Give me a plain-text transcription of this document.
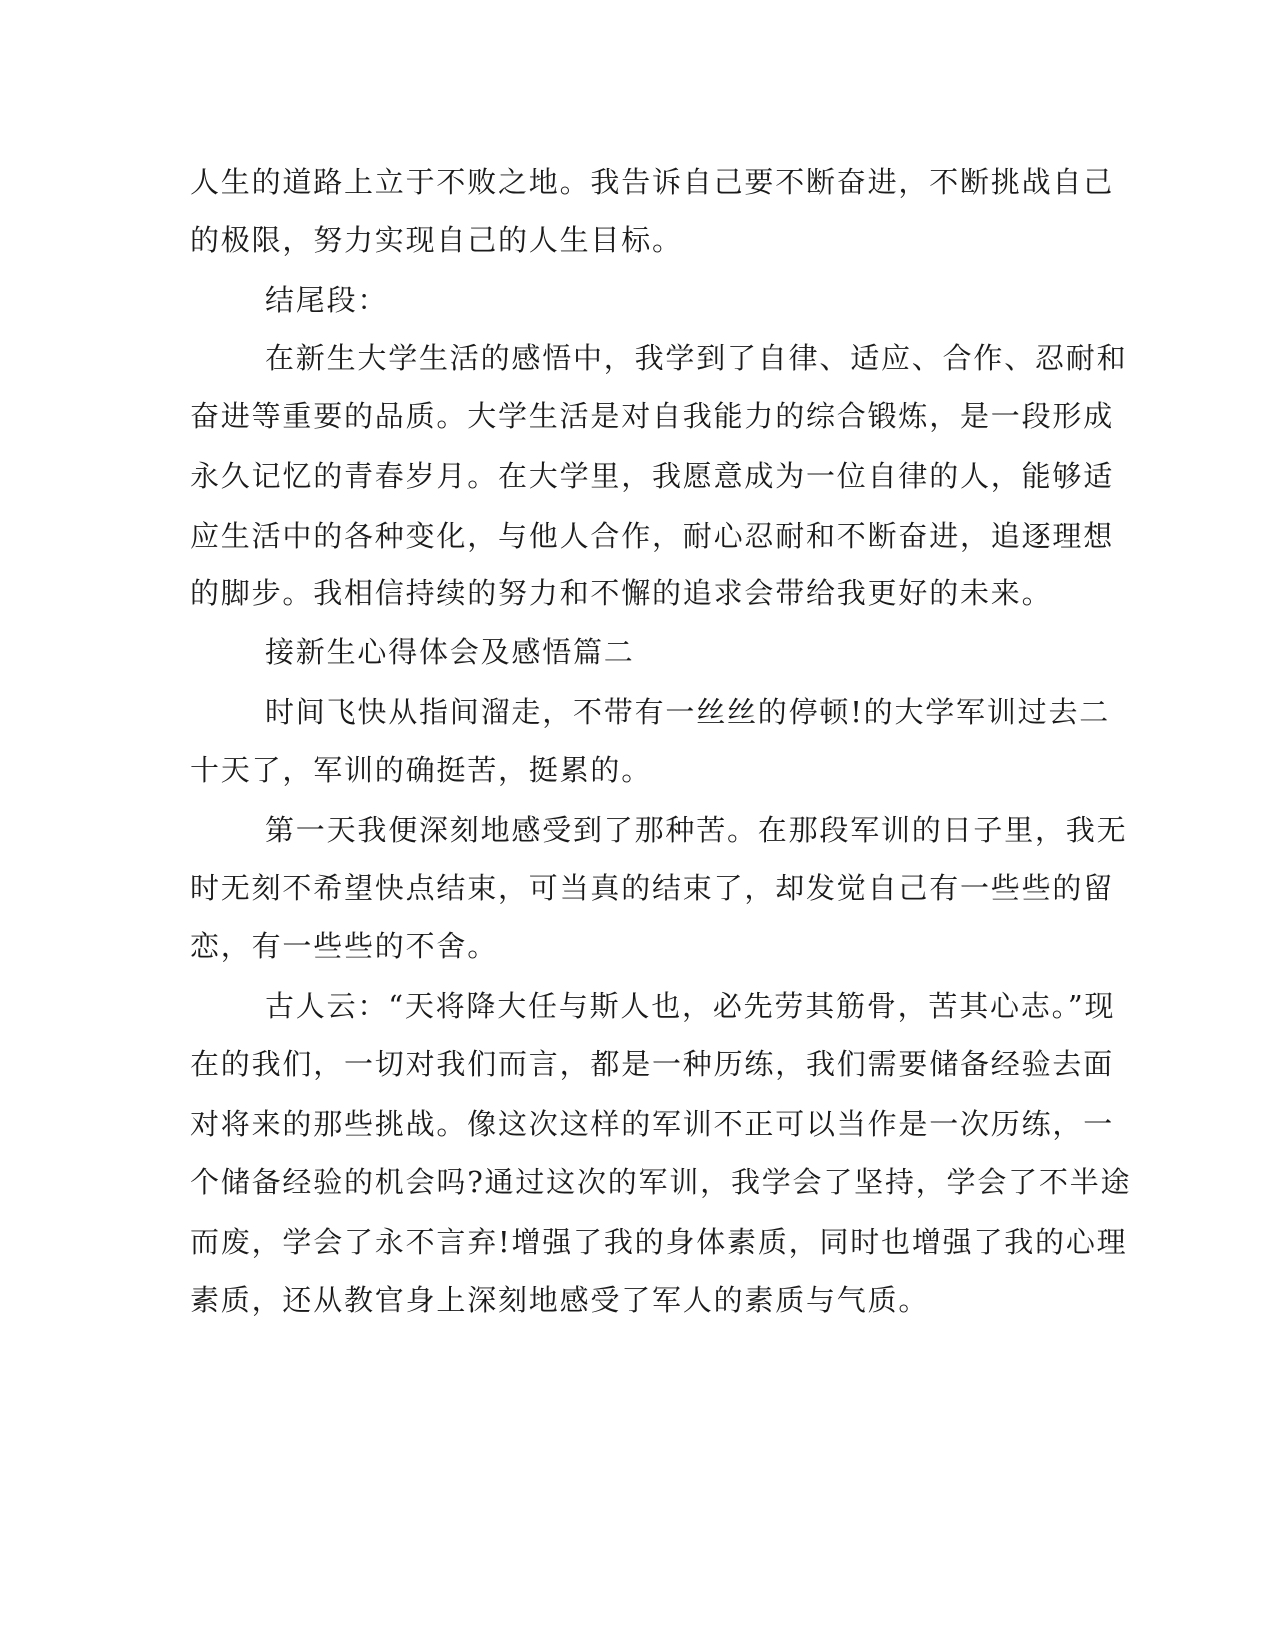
人生的道路上立于不败之地。我告诉自己要不断奋进，不断挑战自己

的极限，努力实现自己的人生目标。

结尾段：

在新生大学生活的感悟中，我学到了自律、适应、合作、忍耐和

奋进等重要的品质。大学生活是对自我能力的综合锻炼，是一段形成

永久记忆的青春岁月。在大学里，我愿意成为一位自律的人，能够适

应生活中的各种变化，与他人合作，耐心忍耐和不断奋进，追逐理想

的脚步。我相信持续的努力和不懈的追求会带给我更好的未来。

接新生心得体会及感悟篇二

时间飞快从指间溜走，不带有一丝丝的停顿!的大学军训过去二

十天了，军训的确挺苦，挺累的。

第一天我便深刻地感受到了那种苦。在那段军训的日子里，我无

时无刻不希望快点结束，可当真的结束了，却发觉自己有一些些的留

恋，有一些些的不舍。

古人云：“天将降大任与斯人也，必先劳其筋骨，苦其心志。”现

在的我们，一切对我们而言，都是一种历练，我们需要储备经验去面

对将来的那些挑战。像这次这样的军训不正可以当作是一次历练，一

个储备经验的机会吗?通过这次的军训，我学会了坚持，学会了不半途

而废，学会了永不言弃!增强了我的身体素质，同时也增强了我的心理

素质，还从教官身上深刻地感受了军人的素质与气质。
